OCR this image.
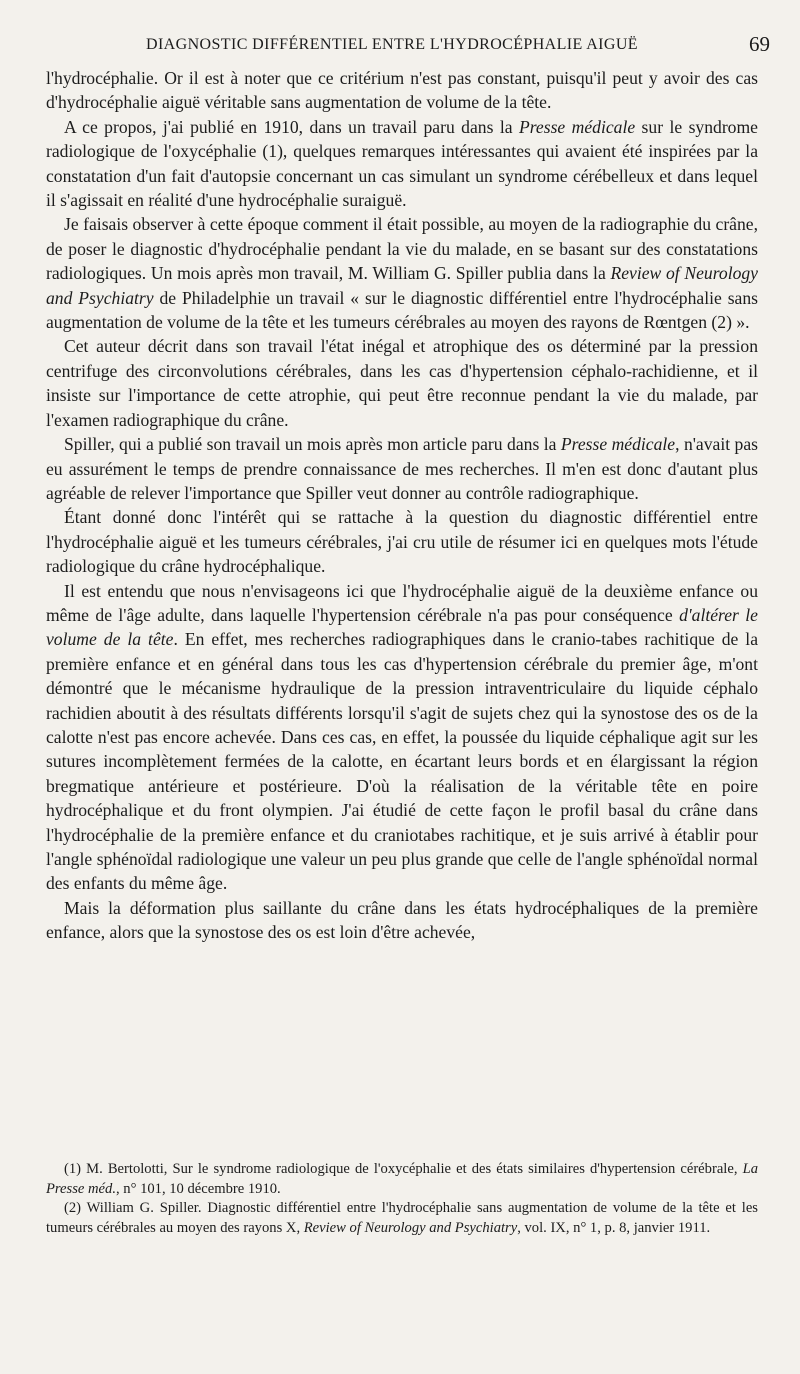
DIAGNOSTIC DIFFÉRENTIEL ENTRE L'HYDROCÉPHALIE AIGUË	69

l'hydrocéphalie. Or il est à noter que ce critérium n'est pas constant, puisqu'il peut y avoir des cas d'hydrocéphalie aiguë véritable sans augmentation de volume de la tête.

A ce propos, j'ai publié en 1910, dans un travail paru dans la Presse médicale sur le syndrome radiologique de l'oxycéphalie (1), quelques remarques intéressantes qui avaient été inspirées par la constatation d'un fait d'autopsie concernant un cas simulant un syndrome cérébelleux et dans lequel il s'agissait en réalité d'une hydrocéphalie suraiguë.

Je faisais observer à cette époque comment il était possible, au moyen de la radiographie du crâne, de poser le diagnostic d'hydrocéphalie pendant la vie du malade, en se basant sur des constatations radiologiques. Un mois après mon travail, M. William G. Spiller publia dans la Review of Neurology and Psychiatry de Philadelphie un travail « sur le diagnostic différentiel entre l'hydrocéphalie sans augmentation de volume de la tête et les tumeurs cérébrales au moyen des rayons de Rœntgen (2) ».

Cet auteur décrit dans son travail l'état inégal et atrophique des os déterminé par la pression centrifuge des circonvolutions cérébrales, dans les cas d'hypertension céphalo-rachidienne, et il insiste sur l'importance de cette atrophie, qui peut être reconnue pendant la vie du malade, par l'examen radiographique du crâne.

Spiller, qui a publié son travail un mois après mon article paru dans la Presse médicale, n'avait pas eu assurément le temps de prendre connaissance de mes recherches. Il m'en est donc d'autant plus agréable de relever l'importance que Spiller veut donner au contrôle radiographique.

Étant donné donc l'intérêt qui se rattache à la question du diagnostic différentiel entre l'hydrocéphalie aiguë et les tumeurs cérébrales, j'ai cru utile de résumer ici en quelques mots l'étude radiologique du crâne hydrocéphalique.

Il est entendu que nous n'envisageons ici que l'hydrocéphalie aiguë de la deuxième enfance ou même de l'âge adulte, dans laquelle l'hypertension cérébrale n'a pas pour conséquence d'altérer le volume de la tête. En effet, mes recherches radiographiques dans le cranio-tabes rachitique de la première enfance et en général dans tous les cas d'hypertension cérébrale du premier âge, m'ont démontré que le mécanisme hydraulique de la pression intraventriculaire du liquide céphalo rachidien aboutit à des résultats différents lorsqu'il s'agit de sujets chez qui la synostose des os de la calotte n'est pas encore achevée. Dans ces cas, en effet, la poussée du liquide céphalique agit sur les sutures incomplètement fermées de la calotte, en écartant leurs bords et en élargissant la région bregmatique antérieure et postérieure. D'où la réalisation de la véritable tête en poire hydrocéphalique et du front olympien. J'ai étudié de cette façon le profil basal du crâne dans l'hydrocéphalie de la première enfance et du craniotabes rachitique, et je suis arrivé à établir pour l'angle sphénoïdal radiologique une valeur un peu plus grande que celle de l'angle sphénoïdal normal des enfants du même âge.

Mais la déformation plus saillante du crâne dans les états hydrocéphaliques de la première enfance, alors que la synostose des os est loin d'être achevée,

(1) M. Bertolotti, Sur le syndrome radiologique de l'oxycéphalie et des états similaires d'hypertension cérébrale, La Presse méd., n° 101, 10 décembre 1910.

(2) William G. Spiller. Diagnostic différentiel entre l'hydrocéphalie sans augmentation de volume de la tête et les tumeurs cérébrales au moyen des rayons X, Review of Neurology and Psychiatry, vol. IX, n° 1, p. 8, janvier 1911.
